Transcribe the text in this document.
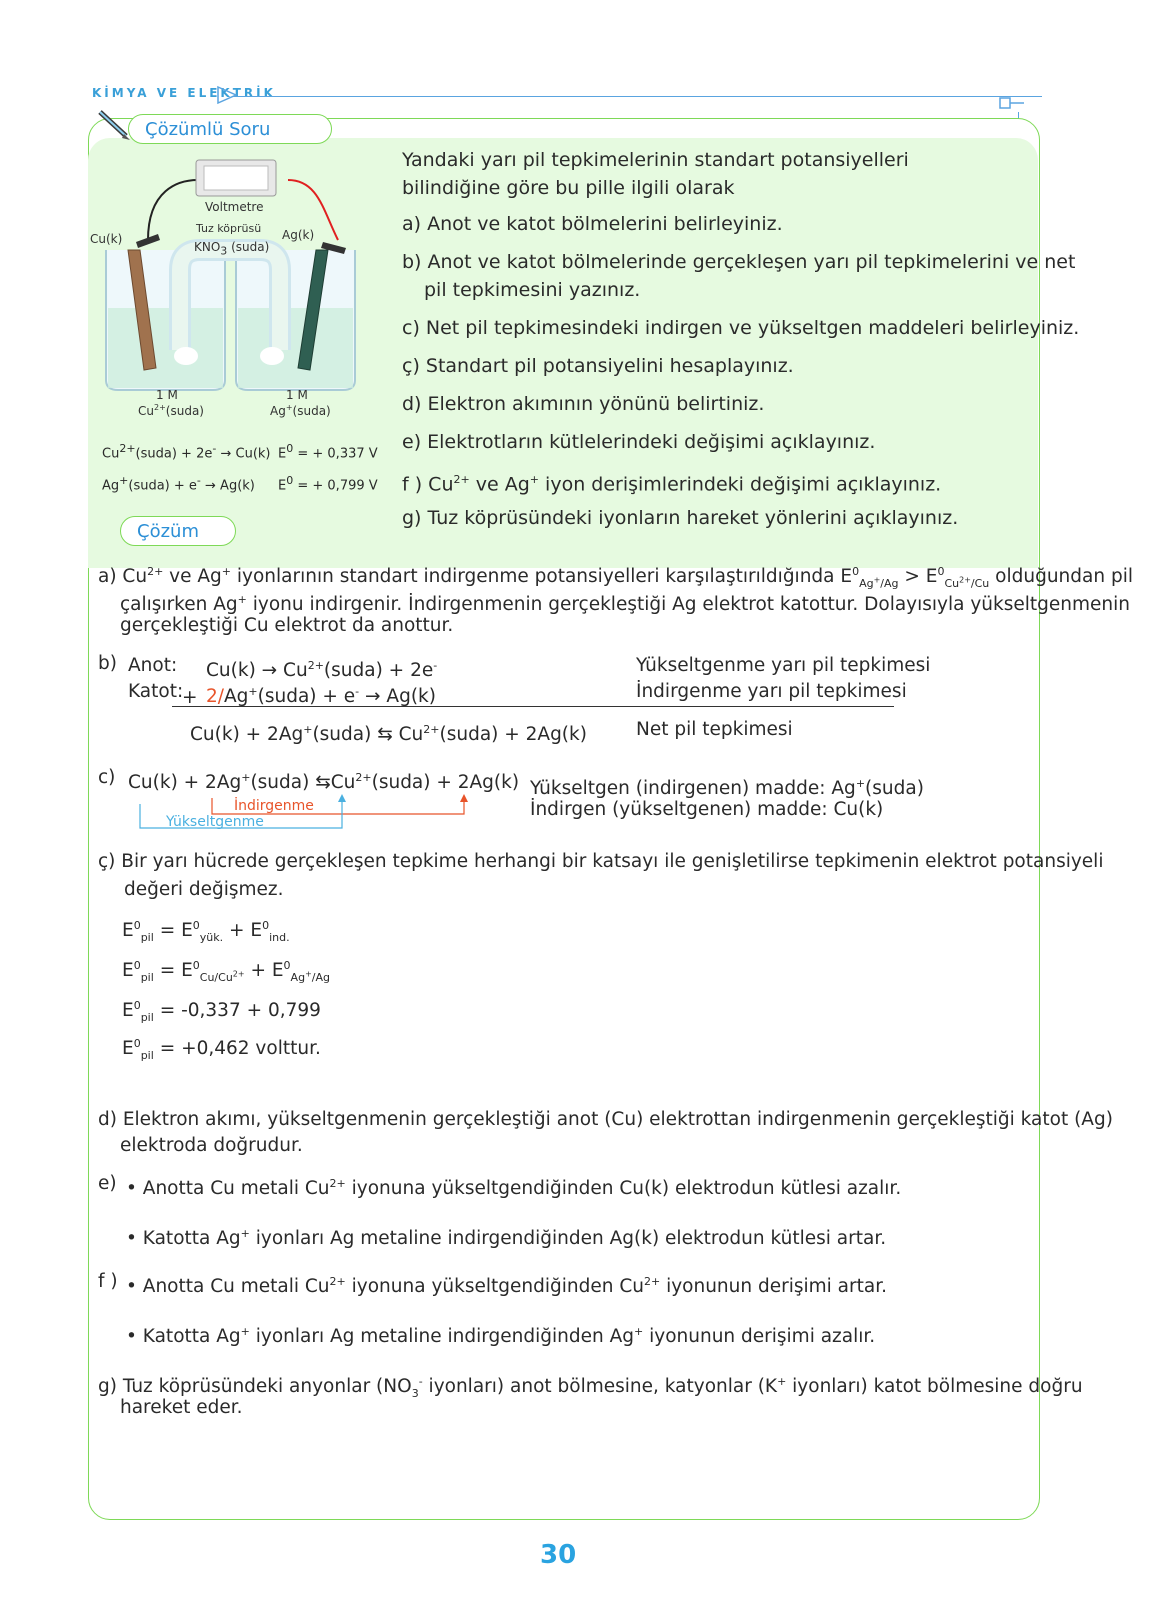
KİMYA VE ELEKTRİK
Çözümlü Soru
Voltmetre
Tuz köprüsü
$KNO_3$ (suda)
Cu(k)	Ag(k)
1 M
$Cu^{2+}(suda)$
1 M
Ag+(suda)
$Cu^{2+}(suda) + 2e^- \to Cu(k) E^0$ = + 0,337 V
Ag+(suda) + e- → Ag(k) $E^0$ = + 0,799 V
Yandaki yarı pil tepkimelerinin standart potansiyelleri bilindiğine göre bu pille ilgili olarak
a) Anot ve katot bölmelerini belirleyiniz.
b) Anot ve katot bölmelerinde gerçekleşen yarı pil tepkimelerini ve net
pil tepkimesini yazınız.
c) Net pil tepkimesindeki indirgen ve yükseltgen maddeleri belirleyiniz.
ç) Standart pil potansiyelini hesaplayınız.
d) Elektron akımının yönünü belirtiniz.
e) Elektrotların kütlelerindeki değişimi açıklayınız.
f ) $Cu^{2+}$ ve Ag+ iyon derişimlerindeki değişimi açıklayınız.
g) Tuz köprüsündeki iyonların hareket yönlerini açıklayınız.
Çözüm
a) $Cu^{2+}$ ve Ag+ iyonlarının standart indirgenme potansiyelleri karşılaştırıldığında $E^0_{Ag^+/Ag} > E^0_{Cu^{2+}/Cu}$ olduğundan pil
çalışırken Ag+ iyonu indirgenir. İndirgenmenin gerçekleştiği Ag elektrot katottur. Dolayısıyla yükseltgenmenin
gerçekleştiği Cu elektrot da anottur.
b) Anot: $Cu(k) \to Cu^{2+}(suda) + 2e^-$	Yükseltgenme yarı pil tepkimesi
Katot:
+ 2/Ag+(suda) + e- → Ag(k)	İndirgenme yarı pil tepkimesi
Cu(k) + 2Ag+(suda) ⇆ $Cu^{2+}(suda) + 2Ag(k)$	Net pil tepkimesi
c) Cu(k) + 2Ag+(suda) $⇆Cu^{2+}(suda) + 2Ag(k)$
İndirgenme
Yükseltgenme
Yükseltgen (indirgenen) madde: Ag+(suda)
İndirgen (yükseltgenen) madde: Cu(k)
ç) Bir yarı hücrede gerçekleşen tepkime herhangi bir katsayı ile genişletilirse tepkimenin elektrot potansiyeli
değeri değişmez.
$E^0_{pil} = E^0_{yük.} + E^0_{ind.}$
$E^0_{pil} = E^0_{Cu/Cu^{2+}} + E^0_{Ag^+/Ag}$
$E^0_{pil} = -0,337 + 0,799$
$E^0_{pil} = +0,462$ volttur.
d) Elektron akımı, yükseltgenmenin gerçekleştiği anot (Cu) elektrottan indirgenmenin gerçekleştiği katot (Ag)
elektroda doğrudur.
e) • Anotta Cu metali $Cu^{2+}$ iyonuna yükseltgendiğinden Cu(k) elektrodun kütlesi azalır.
• Katotta Ag+ iyonları Ag metaline indirgendiğinden Ag(k) elektrodun kütlesi artar.
f ) • Anotta Cu metali $Cu^{2+}$ iyonuna yükseltgendiğinden $Cu^{2+}$ iyonunun derişimi artar.
• Katotta Ag+ iyonları Ag metaline indirgendiğinden Ag+ iyonunun derişimi azalır.
g) Tuz köprüsündeki anyonlar ($NO_3^-$ iyonları) anot bölmesine, katyonlar (K+ iyonları) katot bölmesine doğru
hareket eder.
30
